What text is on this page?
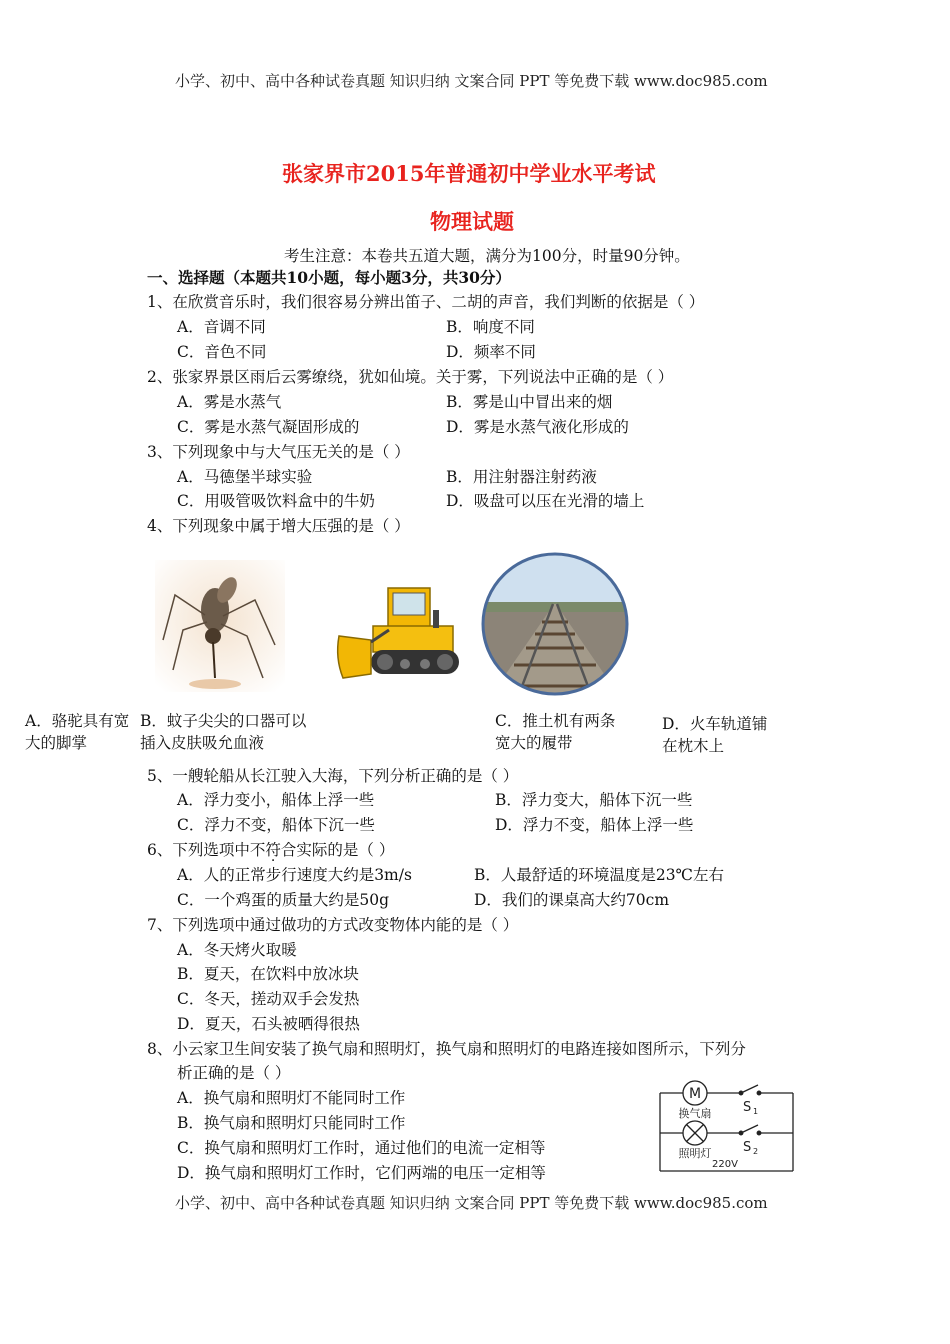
小学、初中、高中各种试卷真题 知识归纳 文案合同 PPT 等免费下载 www.doc985.com
张家界市2015年普通初中学业水平考试
物理试题
考生注意：本卷共五道大题，满分为100分，时量90分钟。
一、选择题（本题共10小题，每小题3分，共30分）
1、在欣赏音乐时，我们很容易分辨出笛子、二胡的声音，我们判断的依据是（ ）
A．音调不同	B．响度不同
C．音色不同	D．频率不同
2、张家界景区雨后云雾缭绕，犹如仙境。关于雾，下列说法中正确的是（ ）
A．雾是水蒸气	B．雾是山中冒出来的烟
C．雾是水蒸气凝固形成的	D．雾是水蒸气液化形成的
3、下列现象中与大气压无关的是（ ）
A．马德堡半球实验	B．用注射器注射药液
C．用吸管吸饮料盒中的牛奶	D．吸盘可以压在光滑的墙上
4、下列现象中属于增大压强的是（ ）
A．骆驼具有宽大的脚掌
B．蚊子尖尖的口器可以插入皮肤吸允血液
C．推土机有两条宽大的履带
D．火车轨道铺在枕木上
5、一艘轮船从长江驶入大海，下列分析正确的是（ ）
A．浮力变小，船体上浮一些	B．浮力变大，船体下沉一些
C．浮力不变，船体下沉一些	D．浮力不变，船体上浮一些
6、下列选项中不符合实际的是（ ）
A．人的正常步行速度大约是3m/s	B．人最舒适的环境温度是23℃左右
C．一个鸡蛋的质量大约是50g	D．我们的课桌高大约70cm
7、下列选项中通过做功的方式改变物体内能的是（ ）
A．冬天烤火取暖
B．夏天，在饮料中放冰块
C．冬天，搓动双手会发热
D．夏天，石头被晒得很热
8、小云家卫生间安装了换气扇和照明灯，换气扇和照明灯的电路连接如图所示，下列分
析正确的是（ ）
A．换气扇和照明灯不能同时工作
B．换气扇和照明灯只能同时工作
C．换气扇和照明灯工作时，通过他们的电流一定相等
D．换气扇和照明灯工作时，它们两端的电压一定相等
M
换气扇
照明灯
S 1
S 2
220V
小学、初中、高中各种试卷真题 知识归纳 文案合同 PPT 等免费下载 www.doc985.com
